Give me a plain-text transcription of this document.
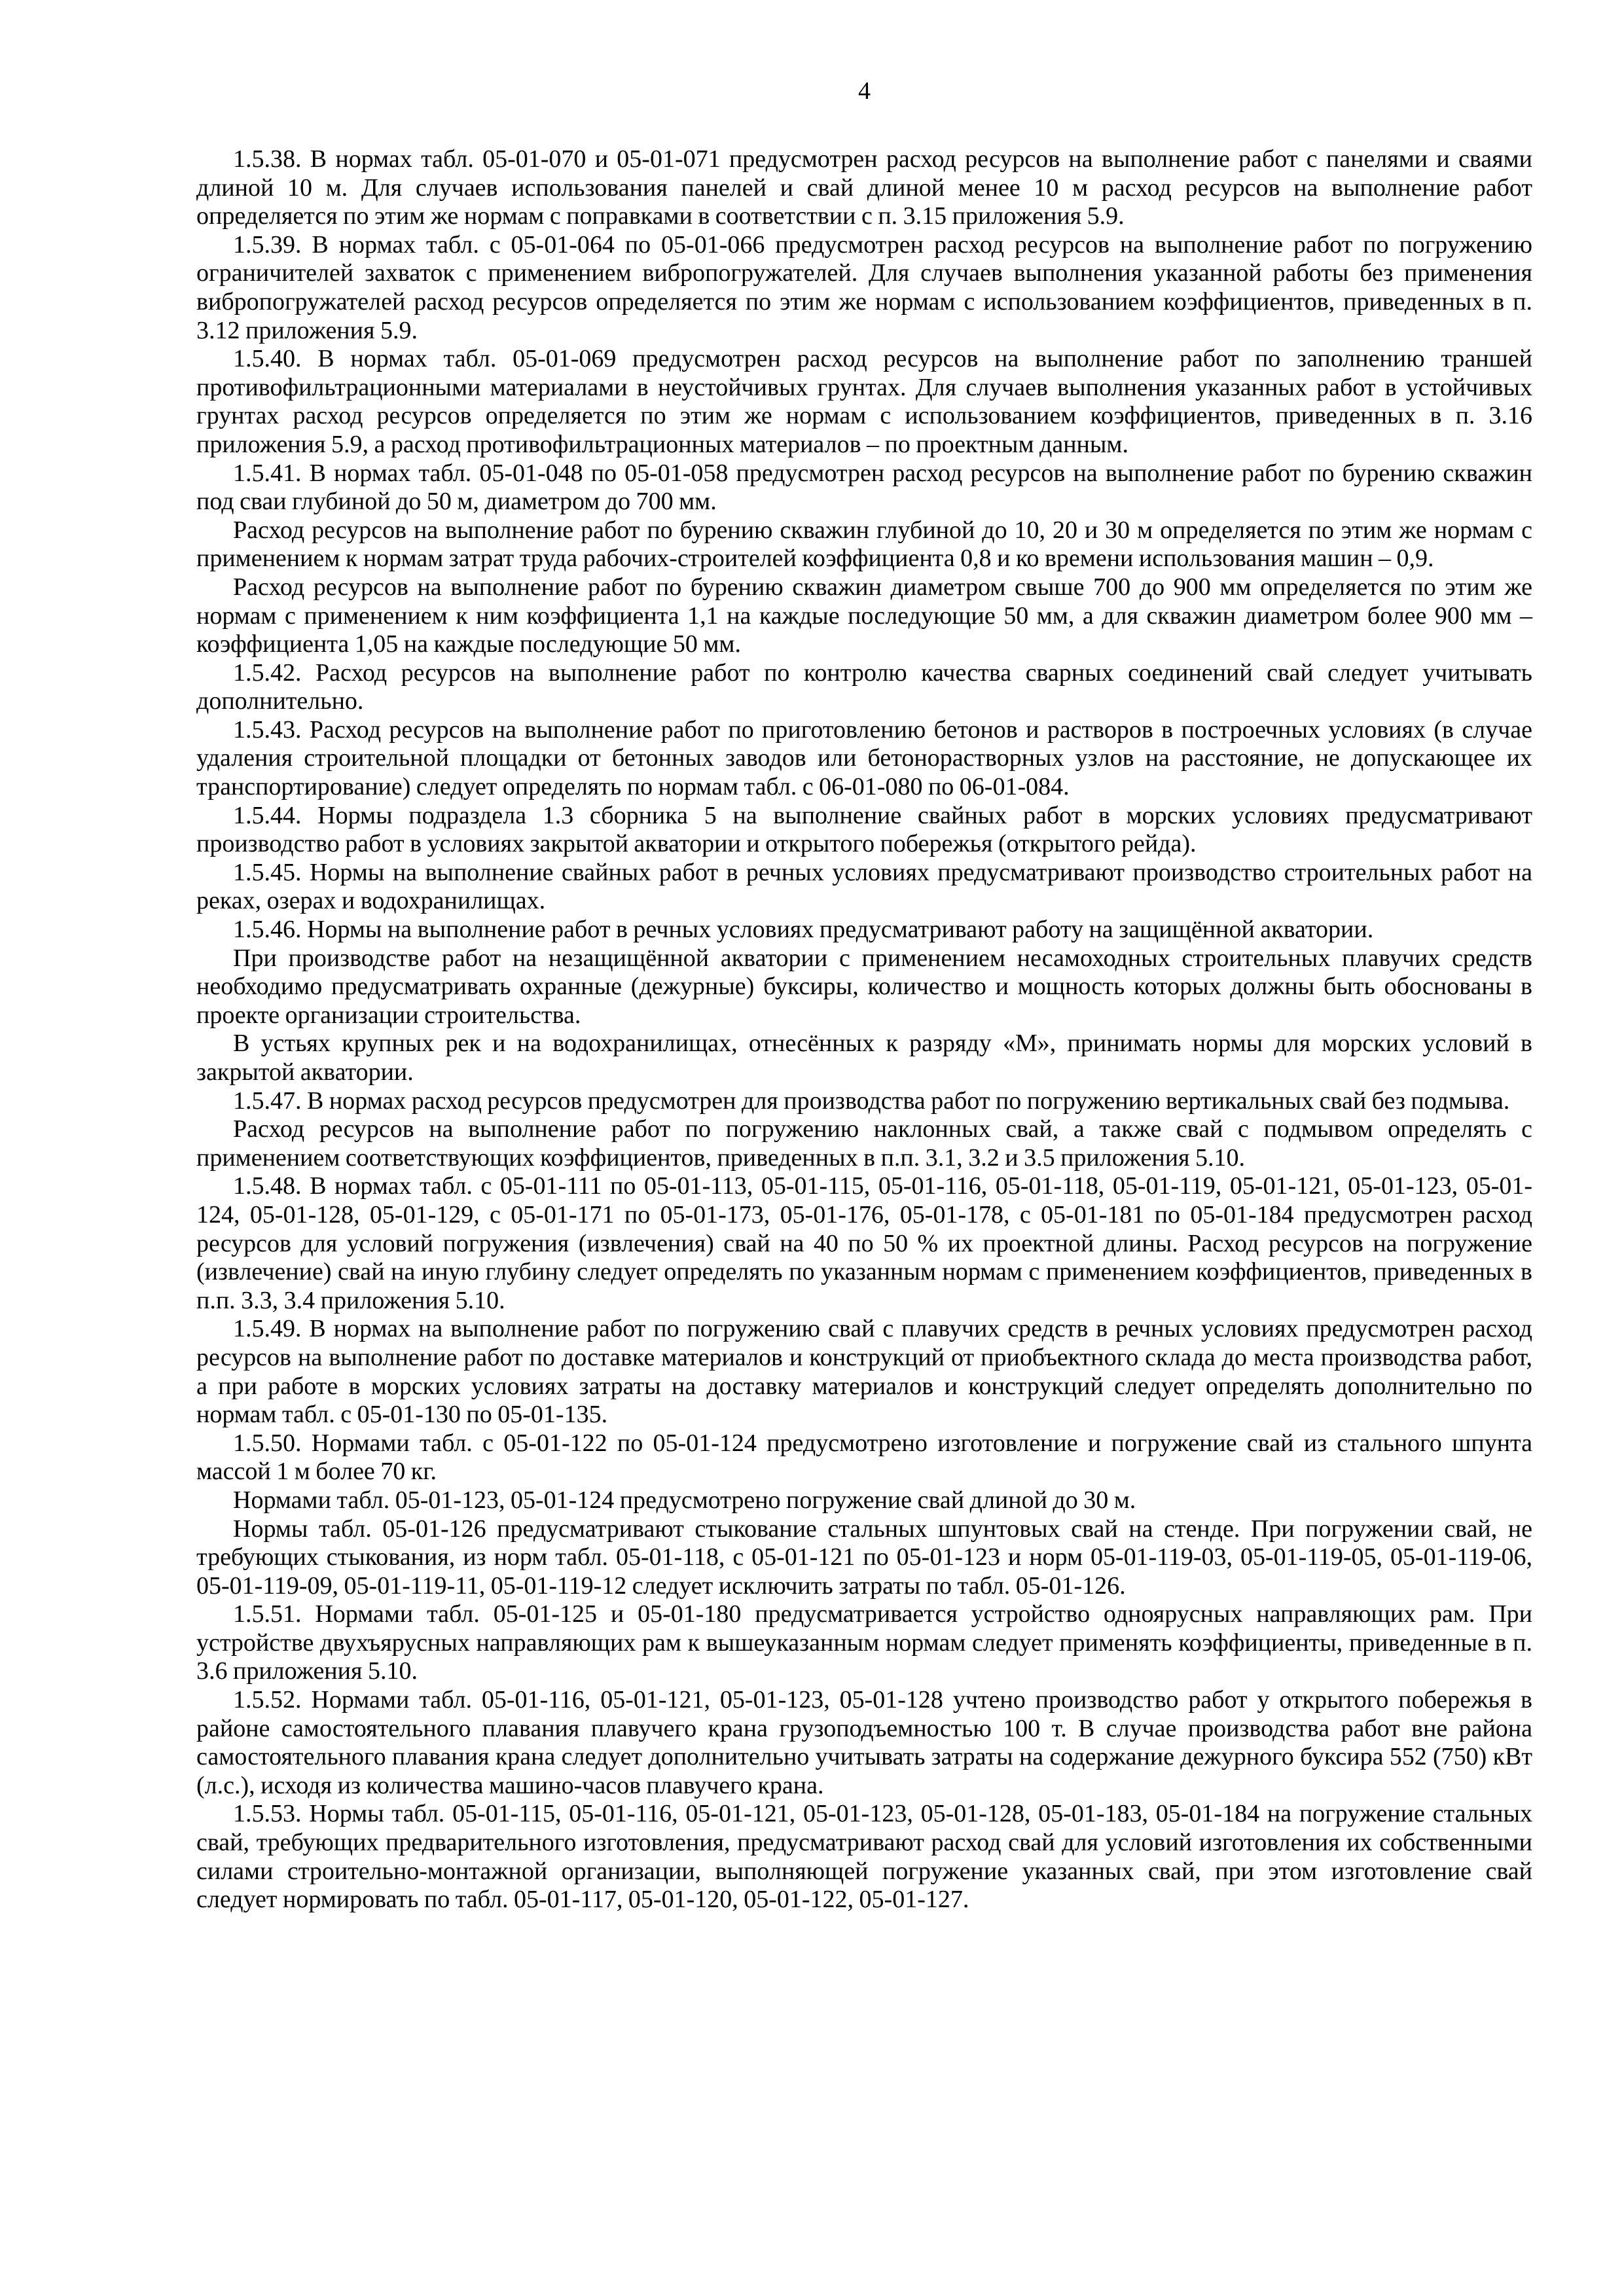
4

1.5.38. В нормах табл. 05-01-070 и 05-01-071 предусмотрен расход ресурсов на выполнение работ с панелями и сваями длиной 10 м. Для случаев использования панелей и свай длиной менее 10 м расход ресурсов на выполнение работ определяется по этим же нормам с поправками в соответствии с п. 3.15 приложения 5.9.

1.5.39. В нормах табл. с 05-01-064 по 05-01-066 предусмотрен расход ресурсов на выполнение работ по погружению ограничителей захваток с применением вибропогружателей. Для случаев выполнения указанной работы без применения вибропогружателей расход ресурсов определяется по этим же нормам с использованием коэффициентов, приведенных в п. 3.12 приложения 5.9.

1.5.40. В нормах табл. 05-01-069 предусмотрен расход ресурсов на выполнение работ по заполнению траншей противофильтрационными материалами в неустойчивых грунтах. Для случаев выполнения указанных работ в устойчивых грунтах расход ресурсов определяется по этим же нормам с использованием коэффициентов, приведенных в п. 3.16 приложения 5.9, а расход противофильтрационных материалов – по проектным данным.

1.5.41. В нормах табл. 05-01-048 по 05-01-058 предусмотрен расход ресурсов на выполнение работ по бурению скважин под сваи глубиной до 50 м, диаметром до 700 мм.

Расход ресурсов на выполнение работ по бурению скважин глубиной до 10, 20 и 30 м определяется по этим же нормам с применением к нормам затрат труда рабочих-строителей коэффициента 0,8 и ко времени использования машин – 0,9.

Расход ресурсов на выполнение работ по бурению скважин диаметром свыше 700 до 900 мм определяется по этим же нормам с применением к ним коэффициента 1,1 на каждые последующие 50 мм, а для скважин диаметром более 900 мм – коэффициента 1,05 на каждые последующие 50 мм.

1.5.42. Расход ресурсов на выполнение работ по контролю качества сварных соединений свай следует учитывать дополнительно.

1.5.43. Расход ресурсов на выполнение работ по приготовлению бетонов и растворов в построечных условиях (в случае удаления строительной площадки от бетонных заводов или бетонорастворных узлов на расстояние, не допускающее их транспортирование) следует определять по нормам табл. с 06-01-080 по 06-01-084.

1.5.44. Нормы подраздела 1.3 сборника 5 на выполнение свайных работ в морских условиях предусматривают производство работ в условиях закрытой акватории и открытого побережья (открытого рейда).

1.5.45. Нормы на выполнение свайных работ в речных условиях предусматривают производство строительных работ на реках, озерах и водохранилищах.

1.5.46. Нормы на выполнение работ в речных условиях предусматривают работу на защищённой акватории.

При производстве работ на незащищённой акватории с применением несамоходных строительных плавучих средств необходимо предусматривать охранные (дежурные) буксиры, количество и мощность которых должны быть обоснованы в проекте организации строительства.

В устьях крупных рек и на водохранилищах, отнесённых к разряду «М», принимать нормы для морских условий в закрытой акватории.

1.5.47. В нормах расход ресурсов предусмотрен для производства работ по погружению вертикальных свай без подмыва.

Расход ресурсов на выполнение работ по погружению наклонных свай, а также свай с подмывом определять с применением соответствующих коэффициентов, приведенных в п.п. 3.1, 3.2 и 3.5 приложения 5.10.

1.5.48. В нормах табл. с 05-01-111 по 05-01-113, 05-01-115, 05-01-116, 05-01-118, 05-01-119, 05-01-121, 05-01-123, 05-01-124, 05-01-128, 05-01-129, с 05-01-171 по 05-01-173, 05-01-176, 05-01-178, с 05-01-181 по 05-01-184 предусмотрен расход ресурсов для условий погружения (извлечения) свай на 40 по 50 % их проектной длины. Расход ресурсов на погружение (извлечение) свай на иную глубину следует определять по указанным нормам с применением коэффициентов, приведенных в п.п. 3.3, 3.4 приложения 5.10.

1.5.49. В нормах на выполнение работ по погружению свай с плавучих средств в речных условиях предусмотрен расход ресурсов на выполнение работ по доставке материалов и конструкций от приобъектного склада до места производства работ, а при работе в морских условиях затраты на доставку материалов и конструкций следует определять дополнительно по нормам табл. с 05-01-130 по 05-01-135.

1.5.50. Нормами табл. с 05-01-122 по 05-01-124 предусмотрено изготовление и погружение свай из стального шпунта массой 1 м более 70 кг.

Нормами табл. 05-01-123, 05-01-124 предусмотрено погружение свай длиной до 30 м.

Нормы табл. 05-01-126 предусматривают стыкование стальных шпунтовых свай на стенде. При погружении свай, не требующих стыкования, из норм табл. 05-01-118, с 05-01-121 по 05-01-123 и норм 05-01-119-03, 05-01-119-05, 05-01-119-06, 05-01-119-09, 05-01-119-11, 05-01-119-12 следует исключить затраты по табл. 05-01-126.

1.5.51. Нормами табл. 05-01-125 и 05-01-180 предусматривается устройство одноярусных направляющих рам. При устройстве двухъярусных направляющих рам к вышеуказанным нормам следует применять коэффициенты, приведенные в п. 3.6 приложения 5.10.

1.5.52. Нормами табл. 05-01-116, 05-01-121, 05-01-123, 05-01-128 учтено производство работ у открытого побережья в районе самостоятельного плавания плавучего крана грузоподъемностью 100 т. В случае производства работ вне района самостоятельного плавания крана следует дополнительно учитывать затраты на содержание дежурного буксира 552 (750) кВт (л.с.), исходя из количества машино-часов плавучего крана.

1.5.53. Нормы табл. 05-01-115, 05-01-116, 05-01-121, 05-01-123, 05-01-128, 05-01-183, 05-01-184 на погружение стальных свай, требующих предварительного изготовления, предусматривают расход свай для условий изготовления их собственными силами строительно-монтажной организации, выполняющей погружение указанных свай, при этом изготовление свай следует нормировать по табл. 05-01-117, 05-01-120, 05-01-122, 05-01-127.
